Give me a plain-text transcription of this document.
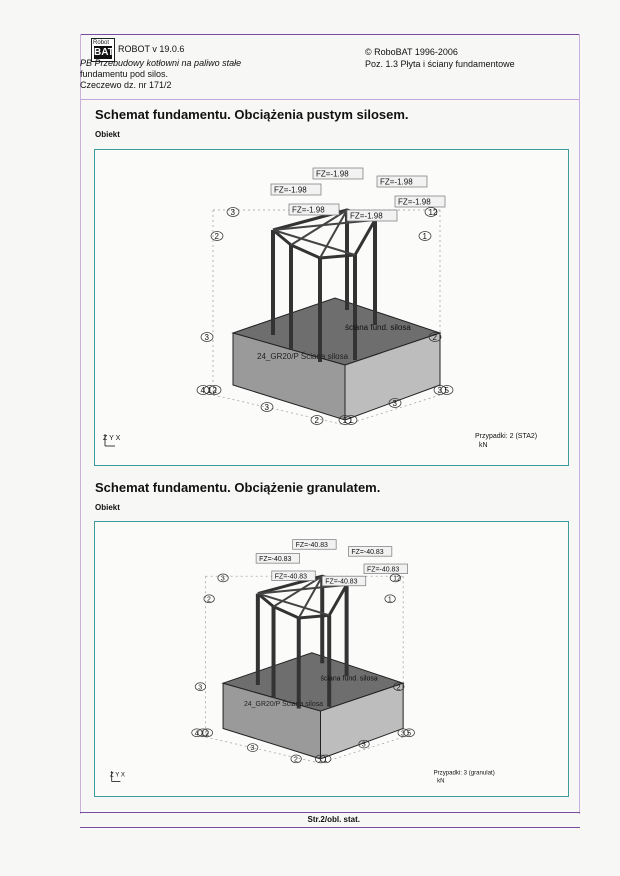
Robot
BAT ROBOT v 19.0.6
PB Przebudowy kotłowni na paliwo stałe
fundamentu pod silos.
Czeczewo dz. nr 171/2
© RoboBAT 1996-2006
Poz. 1.3 Płyta i ściany fundamentowe
Schemat fundamentu. Obciążenia pustym silosem.
Obiekt
FZ=-1.98
FZ=-1.98
FZ=-1.98
FZ=-1.98
FZ=-1.98
FZ=-1.98
2
3
3
12
2
3
2	1
1
2
3
3
4	5
1
1
ściana fund. silosa
24_GR20/P Ściana silosa
Z Y X	Przypadki: 2 (STA2)
kN
Schemat fundamentu. Obciążenie granulatem.
Obiekt
FZ=-40.83
FZ=-40.83
FZ=-40.83
FZ=-40.83
FZ=-40.83
FZ=-40.83
2
3
3
12
2
3
2	1
1
2
3
3
4	5
1
1
ściana fund. silosa
24_GR20/P Ściana silosa
Z Y X	Przypadki: 3 (granulat)
kN
Str.2/obl. stat.
